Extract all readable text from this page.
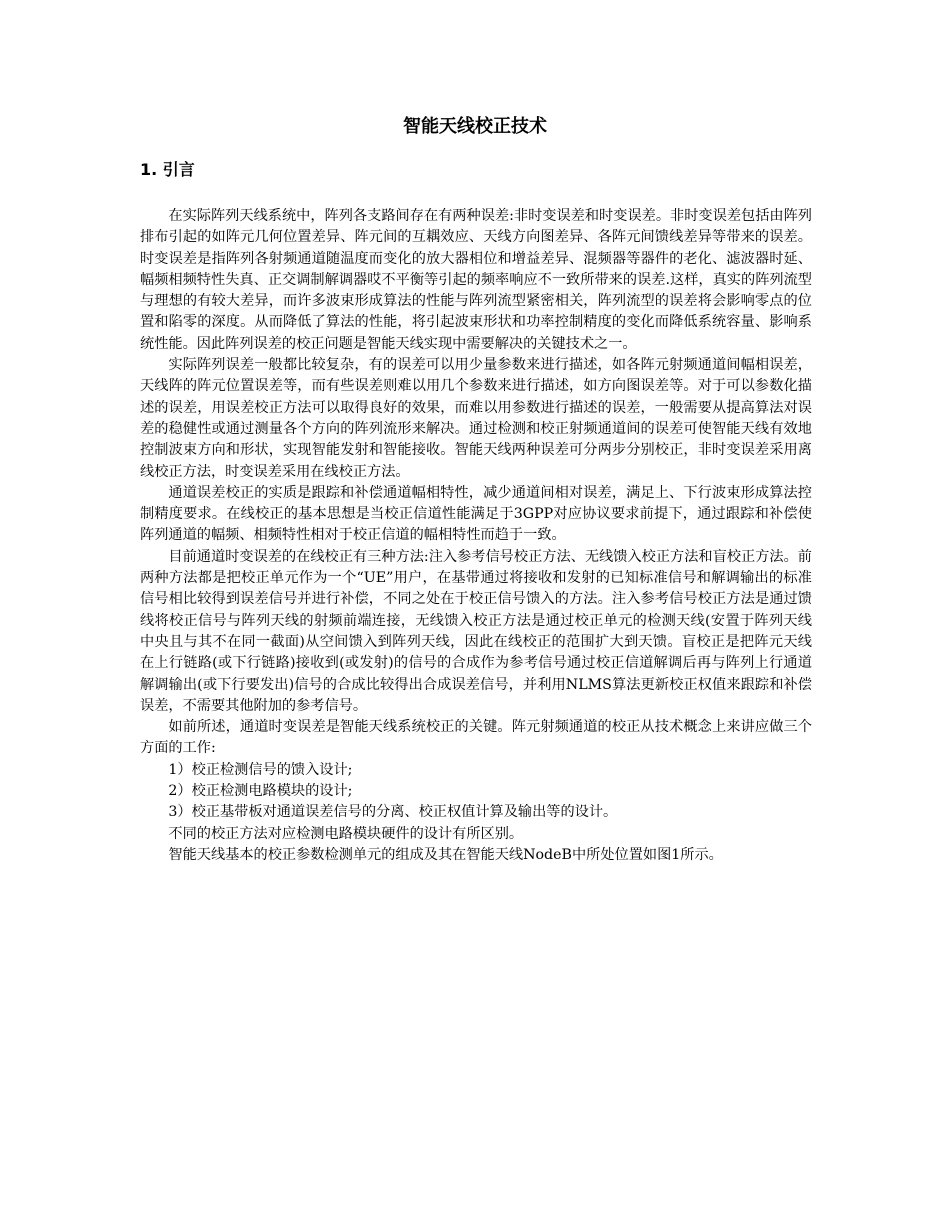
智能天线校正技术
1. 引言

在实际阵列天线系统中，阵列各支路间存在有两种误差:非时变误差和时变误差。非时变误差包括由阵列排布引起的如阵元几何位置差异、阵元间的互耦效应、天线方向图差异、各阵元间馈线差异等带来的误差。时变误差是指阵列各射频通道随温度而变化的放大器相位和增益差异、混频器等器件的老化、滤波器时延、幅频相频特性失真、正交调制解调器哎不平衡等引起的频率响应不一致所带来的误差.这样，真实的阵列流型与理想的有较大差异，而许多波束形成算法的性能与阵列流型紧密相关，阵列流型的误差将会影响零点的位置和陷零的深度。从而降低了算法的性能，将引起波束形状和功率控制精度的变化而降低系统容量、影响系统性能。因此阵列误差的校正问题是智能天线实现中需要解决的关键技术之一。

实际阵列误差一般都比较复杂，有的误差可以用少量参数来进行描述，如各阵元射频通道间幅相误差，天线阵的阵元位置误差等，而有些误差则难以用几个参数来进行描述，如方向图误差等。对于可以参数化描述的误差，用误差校正方法可以取得良好的效果，而难以用参数进行描述的误差，一般需要从提高算法对误差的稳健性或通过测量各个方向的阵列流形来解决。通过检测和校正射频通道间的误差可使智能天线有效地控制波束方向和形状，实现智能发射和智能接收。智能天线两种误差可分两步分别校正，非时变误差采用离线校正方法，时变误差采用在线校正方法。

通道误差校正的实质是跟踪和补偿通道幅相特性，减少通道间相对误差，满足上、下行波束形成算法控制精度要求。在线校正的基本思想是当校正信道性能满足于3GPP对应协议要求前提下，通过跟踪和补偿使阵列通道的幅频、相频特性相对于校正信道的幅相特性而趋于一致。

目前通道时变误差的在线校正有三种方法:注入参考信号校正方法、无线馈入校正方法和盲校正方法。前两种方法都是把校正单元作为一个“UE”用户，在基带通过将接收和发射的已知标准信号和解调输出的标准信号相比较得到误差信号并进行补偿，不同之处在于校正信号馈入的方法。注入参考信号校正方法是通过馈线将校正信号与阵列天线的射频前端连接，无线馈入校正方法是通过校正单元的检测天线(安置于阵列天线中央且与其不在同一截面)从空间馈入到阵列天线，因此在线校正的范围扩大到天馈。盲校正是把阵元天线在上行链路(或下行链路)接收到(或发射)的信号的合成作为参考信号通过校正信道解调后再与阵列上行通道解调输出(或下行要发出)信号的合成比较得出合成误差信号，并利用NLMS算法更新校正权值来跟踪和补偿误差，不需要其他附加的参考信号。

如前所述，通道时变误差是智能天线系统校正的关键。阵元射频通道的校正从技术概念上来讲应做三个方面的工作:

1）校正检测信号的馈入设计;

2）校正检测电路模块的设计;

3）校正基带板对通道误差信号的分离、校正权值计算及输出等的设计。

不同的校正方法对应检测电路模块硬件的设计有所区别。

智能天线基本的校正参数检测单元的组成及其在智能天线NodeB中所处位置如图1所示。
